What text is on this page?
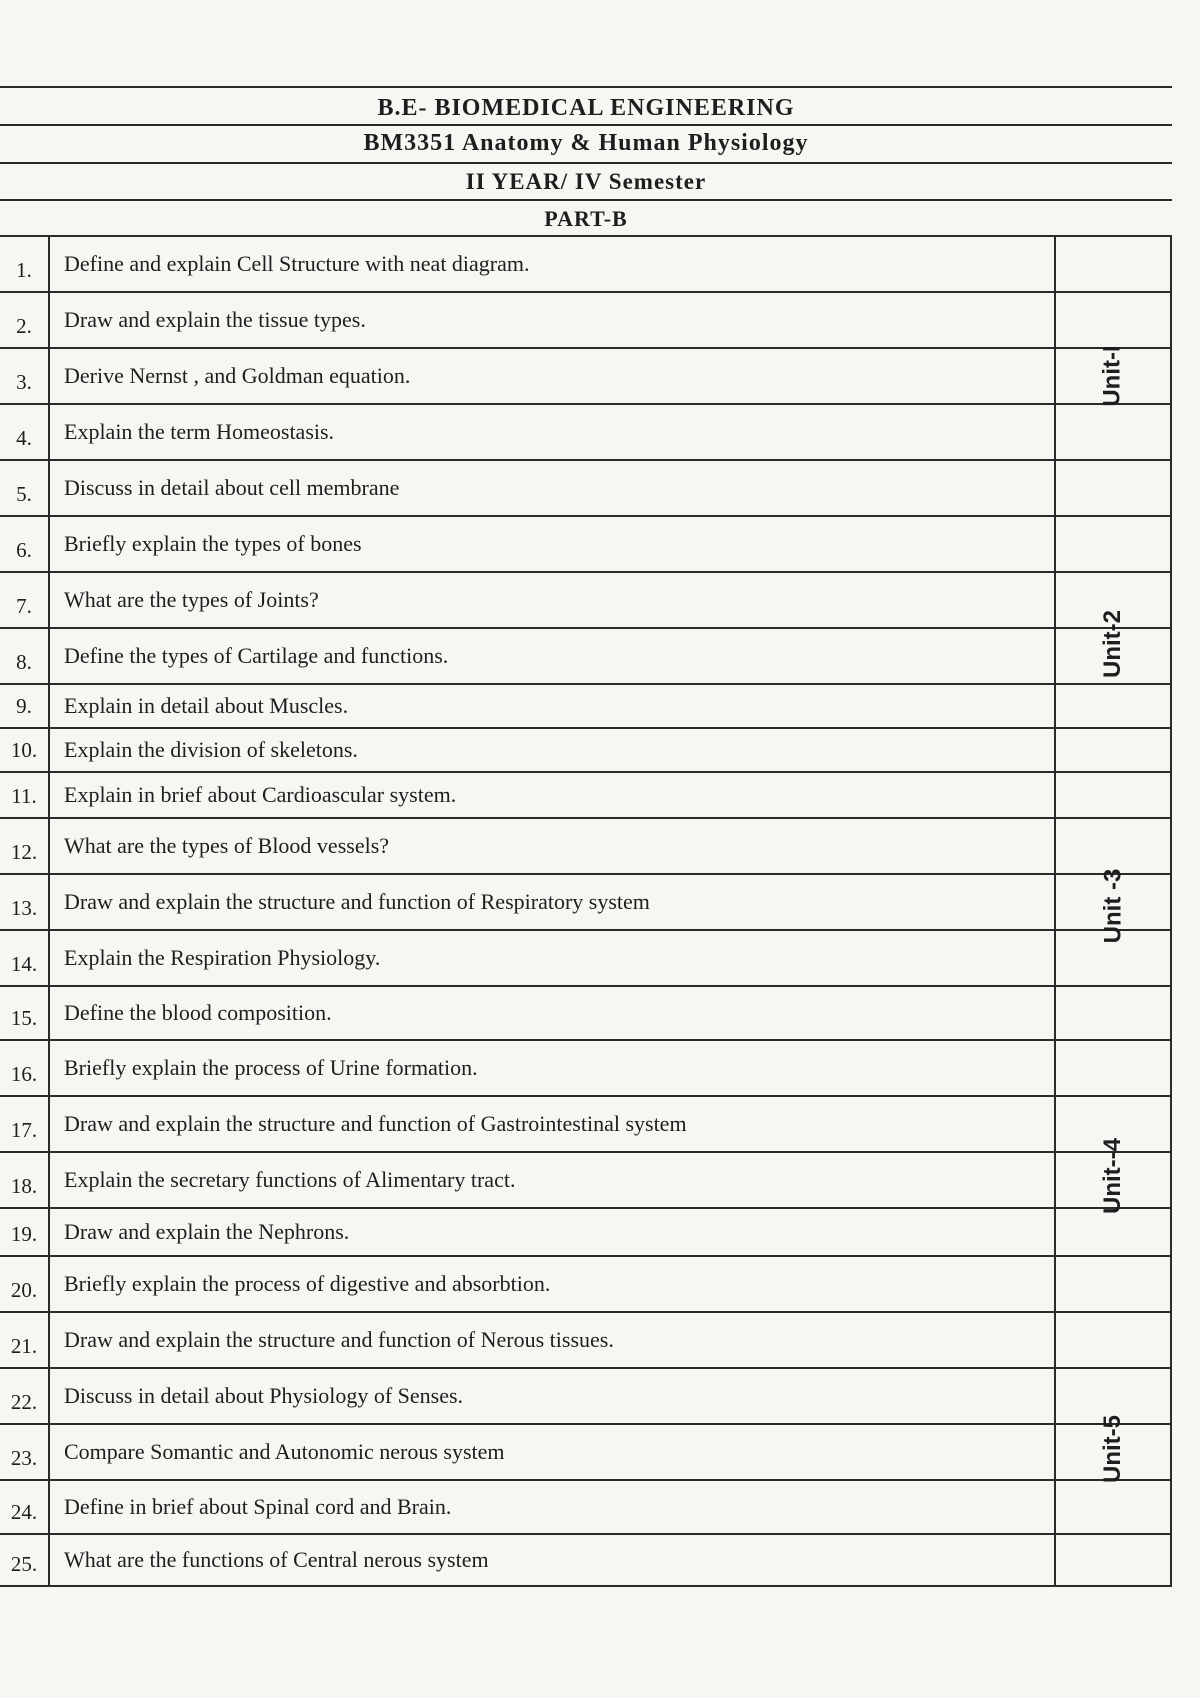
B.E- BIOMEDICAL ENGINEERING
BM3351 Anatomy & Human Physiology
II YEAR/ IV Semester
PART-B
1.	Define and explain Cell Structure with neat diagram.
2.	Draw and explain the tissue types.
3.	Derive Nernst , and Goldman equation.
4.	Explain the term Homeostasis.
5.	Discuss in detail about cell membrane
6.	Briefly explain the types of bones
7.	What are the types of Joints?
8.	Define the types of Cartilage and functions.
9.	Explain in detail about Muscles.
10.	Explain the division of skeletons.
11.	Explain in brief about Cardioascular system.
12.	What are the types of Blood vessels?
13.	Draw and explain the structure and function of Respiratory system
14.	Explain the Respiration Physiology.
15.	Define the blood composition.
16.	Briefly explain the process of Urine formation.
17.	Draw and explain the structure and function of Gastrointestinal system
18.	Explain the secretary functions of Alimentary tract.
19.	Draw and explain the Nephrons.
20.	Briefly explain the process of digestive and absorbtion.
21.	Draw and explain the structure and function of Nerous tissues.
22.	Discuss in detail about Physiology of Senses.
23.	Compare Somantic and Autonomic nerous system
24.	Define in brief about Spinal cord and Brain.
25.	What are the functions of Central nerous system
Unit-I
Unit-2
Unit -3
Unit--4
Unit-5
